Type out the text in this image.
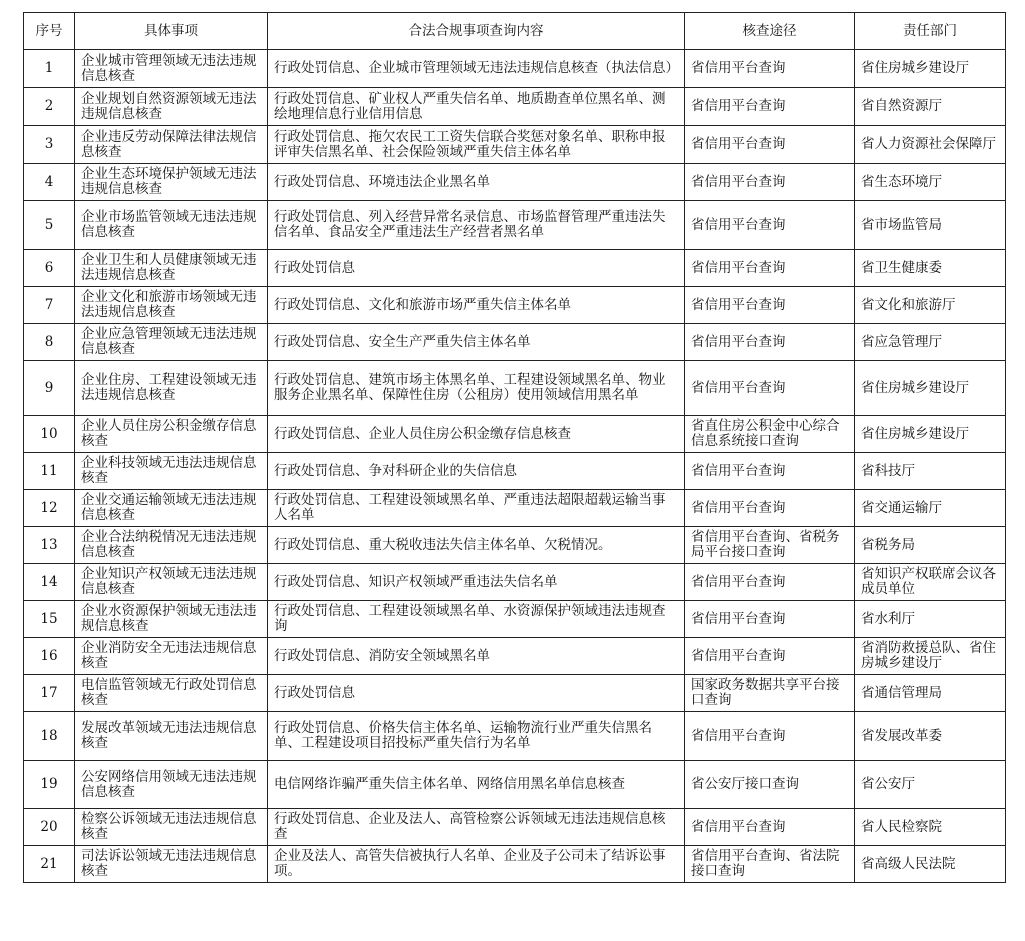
序号	具体事项	合法合规事项查询内容	核查途径	责任部门
1	企业城市管理领域无违法违规信息核查	行政处罚信息、企业城市管理领域无违法违规信息核查（执法信息）	省信用平台查询	省住房城乡建设厅
2	企业规划自然资源领域无违法违规信息核查	行政处罚信息、矿业权人严重失信名单、地质勘查单位黑名单、测绘地理信息行业信用信息	省信用平台查询	省自然资源厅
3	企业违反劳动保障法律法规信息核查	行政处罚信息、拖欠农民工工资失信联合奖惩对象名单、职称申报评审失信黑名单、社会保险领域严重失信主体名单	省信用平台查询	省人力资源社会保障厅
4	企业生态环境保护领域无违法违规信息核查	行政处罚信息、环境违法企业黑名单	省信用平台查询	省生态环境厅
5	企业市场监管领域无违法违规信息核查	行政处罚信息、列入经营异常名录信息、市场监督管理严重违法失信名单、食品安全严重违法生产经营者黑名单	省信用平台查询	省市场监管局
6	企业卫生和人员健康领域无违法违规信息核查	行政处罚信息	省信用平台查询	省卫生健康委
7	企业文化和旅游市场领域无违法违规信息核查	行政处罚信息、文化和旅游市场严重失信主体名单	省信用平台查询	省文化和旅游厅
8	企业应急管理领域无违法违规信息核查	行政处罚信息、安全生产严重失信主体名单	省信用平台查询	省应急管理厅
9	企业住房、工程建设领域无违法违规信息核查	行政处罚信息、建筑市场主体黑名单、工程建设领域黑名单、物业服务企业黑名单、保障性住房（公租房）使用领域信用黑名单	省信用平台查询	省住房城乡建设厅
10	企业人员住房公积金缴存信息核查	行政处罚信息、企业人员住房公积金缴存信息核查	省直住房公积金中心综合信息系统接口查询	省住房城乡建设厅
11	企业科技领域无违法违规信息核查	行政处罚信息、争对科研企业的失信信息	省信用平台查询	省科技厅
12	企业交通运输领域无违法违规信息核查	行政处罚信息、工程建设领域黑名单、严重违法超限超载运输当事人名单	省信用平台查询	省交通运输厅
13	企业合法纳税情况无违法违规信息核查	行政处罚信息、重大税收违法失信主体名单、欠税情况。	省信用平台查询、省税务局平台接口查询	省税务局
14	企业知识产权领域无违法违规信息核查	行政处罚信息、知识产权领域严重违法失信名单	省信用平台查询	省知识产权联席会议各成员单位
15	企业水资源保护领域无违法违规信息核查	行政处罚信息、工程建设领域黑名单、水资源保护领域违法违规查询	省信用平台查询	省水利厅
16	企业消防安全无违法违规信息核查	行政处罚信息、消防安全领域黑名单	省信用平台查询	省消防救援总队、省住房城乡建设厅
17	电信监管领域无行政处罚信息核查	行政处罚信息	国家政务数据共享平台接口查询	省通信管理局
18	发展改革领域无违法违规信息核查	行政处罚信息、价格失信主体名单、运输物流行业严重失信黑名单、工程建设项目招投标严重失信行为名单	省信用平台查询	省发展改革委
19	公安网络信用领域无违法违规信息核查	电信网络诈骗严重失信主体名单、网络信用黑名单信息核查	省公安厅接口查询	省公安厅
20	检察公诉领域无违法违规信息核查	行政处罚信息、企业及法人、高管检察公诉领域无违法违规信息核查	省信用平台查询	省人民检察院
21	司法诉讼领域无违法违规信息核查	企业及法人、高管失信被执行人名单、企业及子公司未了结诉讼事项。	省信用平台查询、省法院接口查询	省高级人民法院
